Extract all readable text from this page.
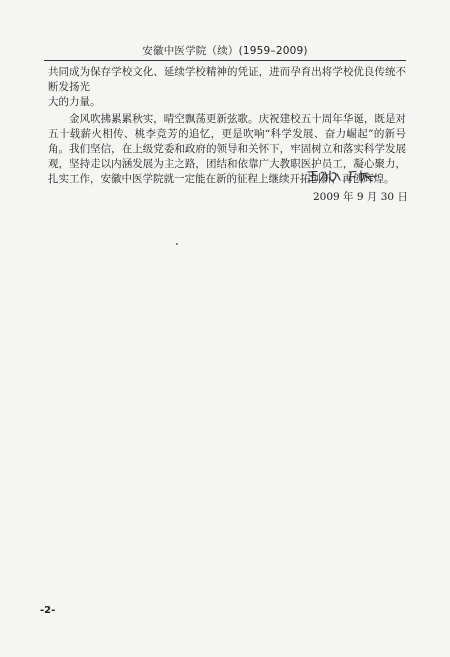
安徽中医学院（续）(1959–2009)

共同成为保存学校文化、延续学校精神的凭证，进而孕育出将学校优良传统不断发扬光
大的力量。

金风吹拂累累秋实，晴空飘荡更新弦歌。庆祝建校五十周年华诞，既是对五十载薪火相传、桃李竞芳的追忆，更是吹响“科学发展、奋力崛起”的新号角。我们坚信，在上级党委和政府的领导和关怀下，牢固树立和落实科学发展观，坚持走以内涵发展为主之路，团结和依靠广大教职医护员工，凝心聚力，扎实工作，安徽中医学院就一定能在新的征程上继续开拓创新，再创辉煌。

2009 年 9 月 30 日
-2-
